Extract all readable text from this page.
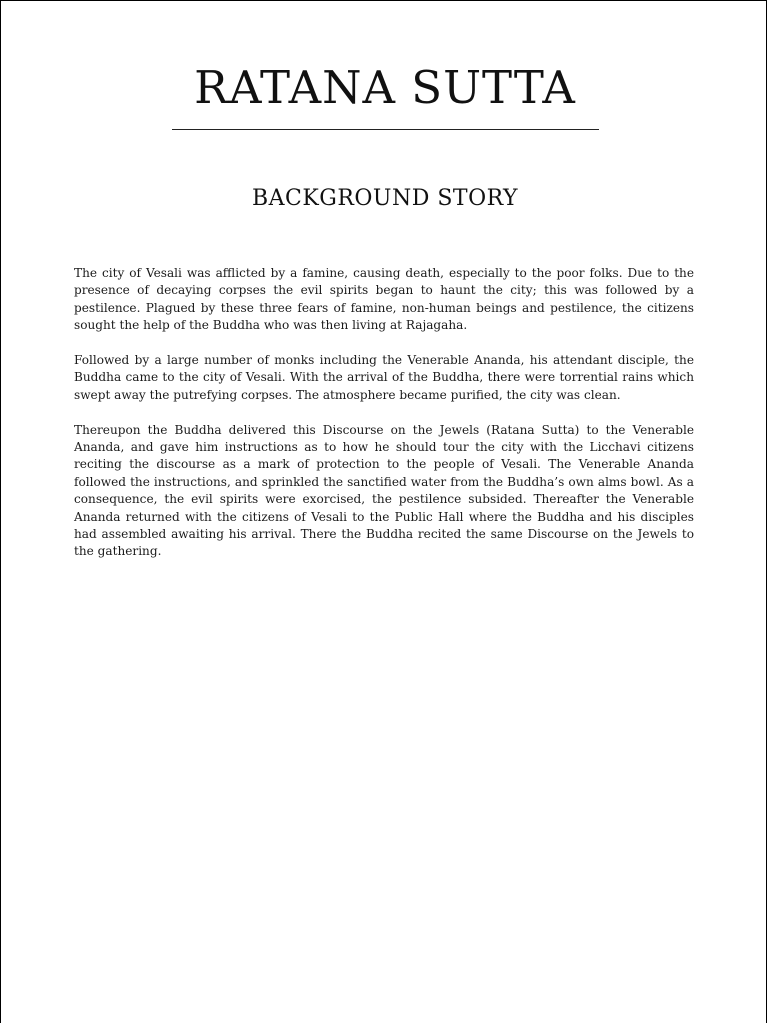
RATANA SUTTA
BACKGROUND STORY

The city of Vesali was afflicted by a famine, causing death, especially to the poor folks. Due to the presence of decaying corpses the evil spirits began to haunt the city; this was followed by a pestilence. Plagued by these three fears of famine, non-human beings and pestilence, the citizens sought the help of the Buddha who was then living at Rajagaha.

Followed by a large number of monks including the Venerable Ananda, his attendant disciple, the Buddha came to the city of Vesali. With the arrival of the Buddha, there were torrential rains which swept away the putrefying corpses. The atmosphere became purified, the city was clean.

Thereupon the Buddha delivered this Discourse on the Jewels (Ratana Sutta) to the Venerable Ananda, and gave him instructions as to how he should tour the city with the Licchavi citizens reciting the discourse as a mark of protection to the people of Vesali. The Venerable Ananda followed the instructions, and sprinkled the sanctified water from the Buddha’s own alms bowl. As a consequence, the evil spirits were exorcised, the pestilence subsided. Thereafter the Venerable Ananda returned with the citizens of Vesali to the Public Hall where the Buddha and his disciples had assembled awaiting his arrival. There the Buddha recited the same Discourse on the Jewels to the gathering.
